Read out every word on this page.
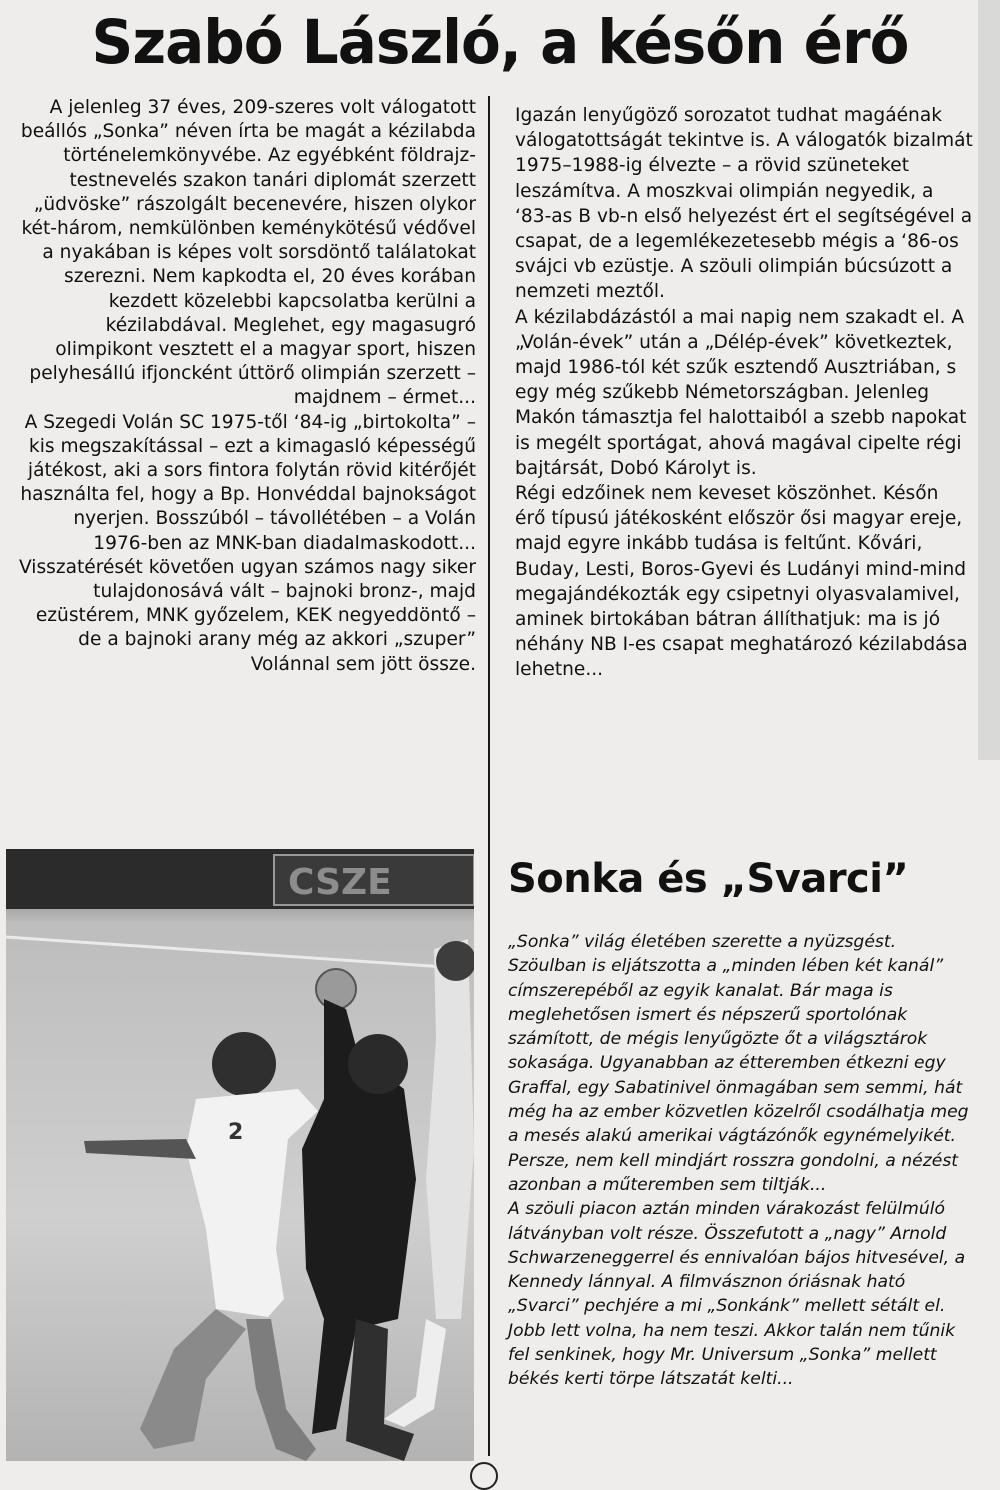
Szabó László, a későn érő

A jelenleg 37 éves, 209-szeres volt válogatott beállós „Sonka” néven írta be magát a kézilabda történelemkönyvébe. Az egyébként földrajz-testnevelés szakon tanári diplomát szerzett „üdvöske” rászolgált becenevére, hiszen olykor két-három, nemkülönben keménykötésű védővel a nyakában is képes volt sorsdöntő találatokat szerezni. Nem kapkodta el, 20 éves korában kezdett közelebbi kapcsolatba kerülni a kézilabdával. Meglehet, egy magasugró olimpikont vesztett el a magyar sport, hiszen pelyhesállú ifjoncként úttörő olimpián szerzett – majdnem – érmet...

A Szegedi Volán SC 1975-től ‘84-ig „birtokolta” – kis megszakítással – ezt a kimagasló képességű játékost, aki a sors fintora folytán rövid kitérőjét használta fel, hogy a Bp. Honvéddal bajnokságot nyerjen. Bosszúból – távollétében – a Volán 1976-ben az MNK-ban diadalmaskodott...

Visszatérését követően ugyan számos nagy siker tulajdonosává vált – bajnoki bronz-, majd ezüstérem, MNK győzelem, KEK negyeddöntő – de a bajnoki arany még az akkori „szuper” Volánnal sem jött össze.

Igazán lenyűgöző sorozatot tudhat magáénak válogatottságát tekintve is. A válogatók bizalmát 1975–1988-ig élvezte – a rövid szüneteket leszámítva. A moszkvai olimpián negyedik, a ‘83-as B vb-n első helyezést ért el segítségével a csapat, de a legemlékezetesebb mégis a ‘86-os svájci vb ezüstje. A szöuli olimpián búcsúzott a nemzeti meztől.

A kézilabdázástól a mai napig nem szakadt el. A „Volán-évek” után a „Délép-évek” következtek, majd 1986-tól két szűk esztendő Ausztriában, s egy még szűkebb Németországban. Jelenleg Makón támasztja fel halottaiból a szebb napokat is megélt sportágat, ahová magával cipelte régi bajtársát, Dobó Károlyt is.

Régi edzőinek nem keveset köszönhet. Későn érő típusú játékosként először ősi magyar ereje, majd egyre inkább tudása is feltűnt. Kővári, Buday, Lesti, Boros-Gyevi és Ludányi mind-mind megajándékozták egy csipetnyi olyasvalamivel, aminek birtokában bátran állíthatjuk: ma is jó néhány NB I-es csapat meghatározó kézilabdása lehetne...

CSZE
2
Sonka és „Svarci”

„Sonka” világ életében szerette a nyüzsgést. Szöulban is eljátszotta a „minden lében két kanál” címszerepéből az egyik kanalat. Bár maga is meglehetősen ismert és népszerű sportolónak számított, de mégis lenyűgözte őt a világsztárok sokasága. Ugyanabban az étteremben étkezni egy Graffal, egy Sabatinivel önmagában sem semmi, hát még ha az ember közvetlen közelről csodálhatja meg a mesés alakú amerikai vágtázónők egynémelyikét. Persze, nem kell mindjárt rosszra gondolni, a nézést azonban a műteremben sem tiltják...

A szöuli piacon aztán minden várakozást felülmúló látványban volt része. Összefutott a „nagy” Arnold Schwarzeneggerrel és ennivalóan bájos hitvesével, a Kennedy lánnyal. A filmvásznon óriásnak ható „Svarci” pechjére a mi „Sonkánk” mellett sétált el. Jobb lett volna, ha nem teszi. Akkor talán nem tűnik fel senkinek, hogy Mr. Universum „Sonka” mellett békés kerti törpe látszatát kelti...
